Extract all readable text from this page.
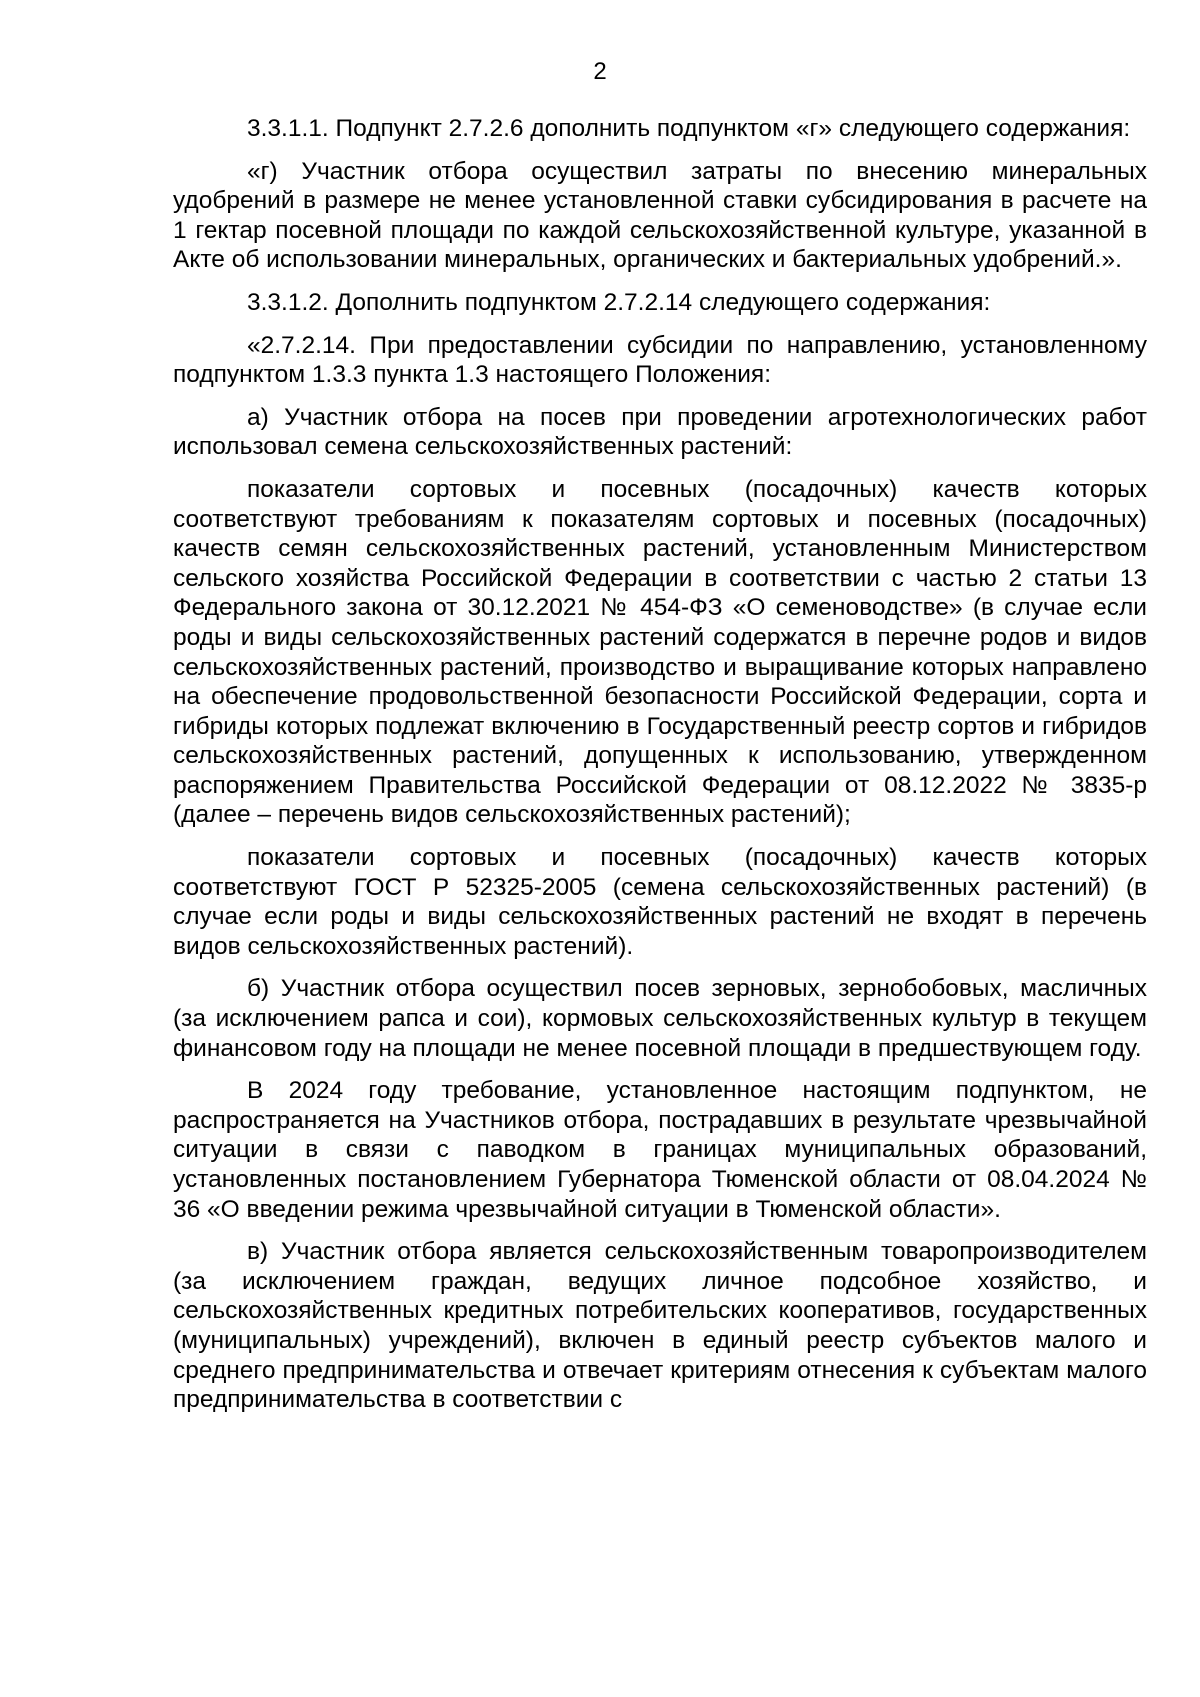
2

3.3.1.1. Подпункт 2.7.2.6 дополнить подпунктом «г» следующего содержания:

«г) Участник отбора осуществил затраты по внесению минеральных удобрений в размере не менее установленной ставки субсидирования в расчете на 1 гектар посевной площади по каждой сельскохозяйственной культуре, указанной в Акте об использовании минеральных, органических и бактериальных удобрений.».

3.3.1.2. Дополнить подпунктом 2.7.2.14 следующего содержания:

«2.7.2.14. При предоставлении субсидии по направлению, установленному подпунктом 1.3.3 пункта 1.3 настоящего Положения:

а) Участник отбора на посев при проведении агротехнологических работ использовал семена сельскохозяйственных растений:

показатели сортовых и посевных (посадочных) качеств которых соответствуют требованиям к показателям сортовых и посевных (посадочных) качеств семян сельскохозяйственных растений, установленным Министерством сельского хозяйства Российской Федерации в соответствии с частью 2 статьи 13 Федерального закона от 30.12.2021 № 454-ФЗ «О семеноводстве» (в случае если роды и виды сельскохозяйственных растений содержатся в перечне родов и видов сельскохозяйственных растений, производство и выращивание которых направлено на обеспечение продовольственной безопасности Российской Федерации, сорта и гибриды которых подлежат включению в Государственный реестр сортов и гибридов сельскохозяйственных растений, допущенных к использованию, утвержденном распоряжением Правительства Российской Федерации от 08.12.2022 № 3835-р (далее – перечень видов сельскохозяйственных растений);

показатели сортовых и посевных (посадочных) качеств которых соответствуют ГОСТ Р 52325-2005 (семена сельскохозяйственных растений) (в случае если роды и виды сельскохозяйственных растений не входят в перечень видов сельскохозяйственных растений).

б) Участник отбора осуществил посев зерновых, зернобобовых, масличных (за исключением рапса и сои), кормовых сельскохозяйственных культур в текущем финансовом году на площади не менее посевной площади в предшествующем году.

В 2024 году требование, установленное настоящим подпунктом, не распространяется на Участников отбора, пострадавших в результате чрезвычайной ситуации в связи с паводком в границах муниципальных образований, установленных постановлением Губернатора Тюменской области от 08.04.2024 № 36 «О введении режима чрезвычайной ситуации в Тюменской области».

в) Участник отбора является сельскохозяйственным товаропроизводителем (за исключением граждан, ведущих личное подсобное хозяйство, и сельскохозяйственных кредитных потребительских кооперативов, государственных (муниципальных) учреждений), включен в единый реестр субъектов малого и среднего предпринимательства и отвечает критериям отнесения к субъектам малого предпринимательства в соответствии с
